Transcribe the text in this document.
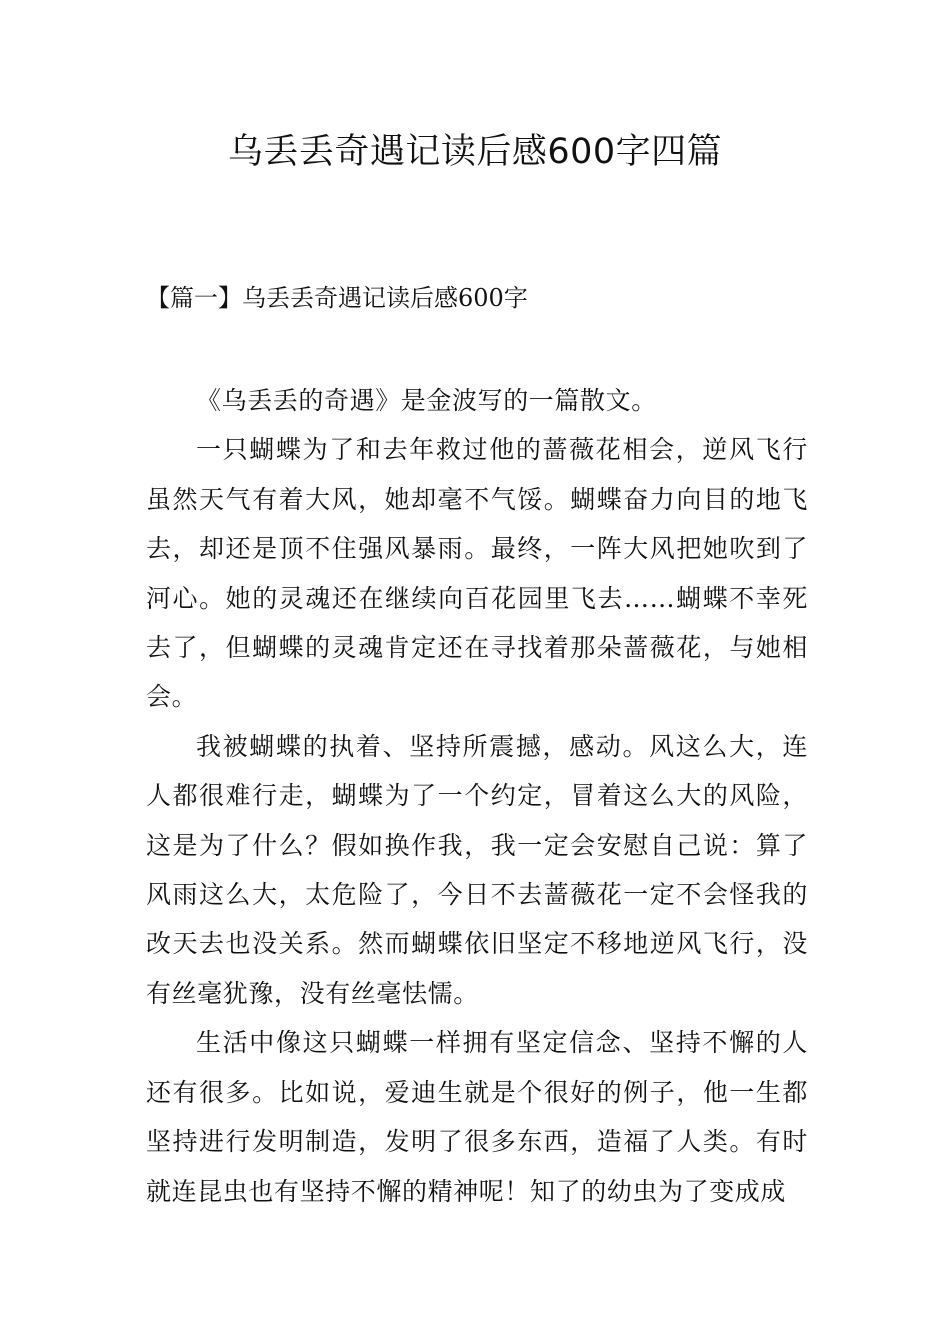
乌丢丢奇遇记读后感600字四篇
【篇一】乌丢丢奇遇记读后感600字

《乌丢丢的奇遇》是金波写的一篇散文。

一只蝴蝶为了和去年救过他的蔷薇花相会，逆风飞行虽然天气有着大风，她却毫不气馁。蝴蝶奋力向目的地飞去，却还是顶不住强风暴雨。最终，一阵大风把她吹到了河心。她的灵魂还在继续向百花园里飞去……蝴蝶不幸死去了，但蝴蝶的灵魂肯定还在寻找着那朵蔷薇花，与她相会。

我被蝴蝶的执着、坚持所震撼，感动。风这么大，连人都很难行走，蝴蝶为了一个约定，冒着这么大的风险，这是为了什么？假如换作我，我一定会安慰自己说：算了风雨这么大，太危险了，今日不去蔷薇花一定不会怪我的改天去也没关系。然而蝴蝶依旧坚定不移地逆风飞行，没有丝毫犹豫，没有丝毫怯懦。

生活中像这只蝴蝶一样拥有坚定信念、坚持不懈的人还有很多。比如说，爱迪生就是个很好的例子，他一生都坚持进行发明制造，发明了很多东西，造福了人类。有时就连昆虫也有坚持不懈的精神呢！知了的幼虫为了变成成
